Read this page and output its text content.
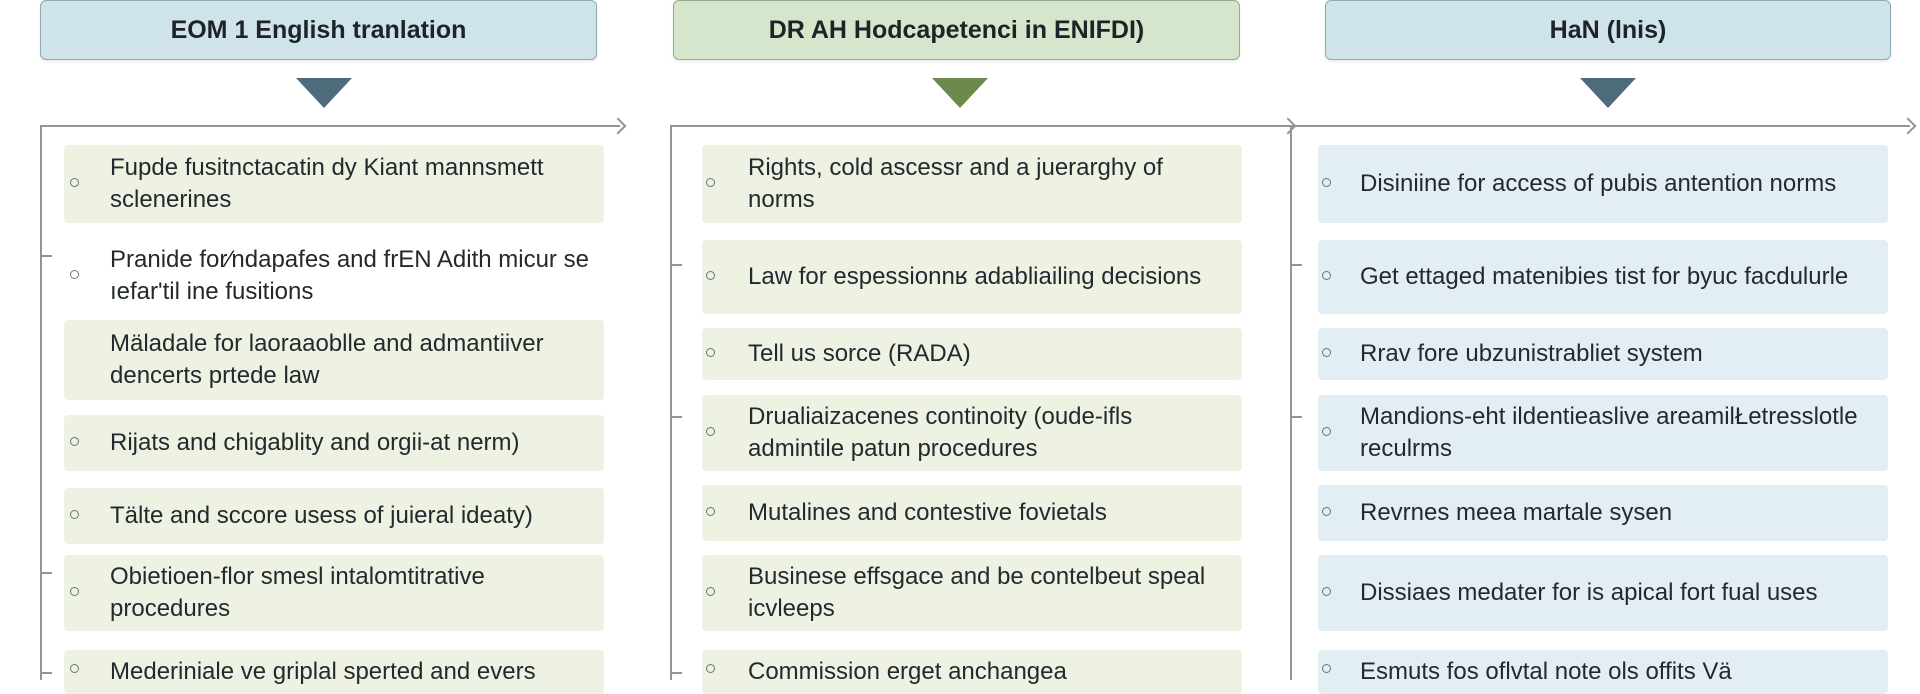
EOM 1 English tranlation
Fupde fusitnctacatin dy Kiant mannsmett sclenerines
Pranide for∕ndapafes and frEN Adith micur se ıefar'til ine fusitions
Mäladale for laoraaoblle and admantiiver dencerts prtede law
Rijats and chigablity and orgii-at nerm)
Tälte and sccore usess of juieral ideaty)
Obietioen-flor smesl intalomtitrative procedures
Mederiniale ve griplal sperted and evers
DR AH Hodcapetenci in ENIFDI)
Rights, cold ascessr and a juerarghy of norms
Law for espessionnʁ adabliailing decisions
Tell us sorce (RADA)
Drualiaizacenes continoity (oude-ifls admintile patun procedures
Mutalines and contestive fovietals
Businese effsgace and be contelbeut speal icvleeps
Commission erget anchangea
HaN (lnis)
Disiniine for access of pubis antention norms
Get ettaged matenibies tist for byuc facdulurle
Rrav fore ubzunistrabliet system
Mandions‐eht ildentieaslive areamilŁetresslotle reculrms
Revrnes meea martale sysen
Dissiaes medater for is apical fort fual uses
Esmuts fos oflvtal note ols offits Vä
